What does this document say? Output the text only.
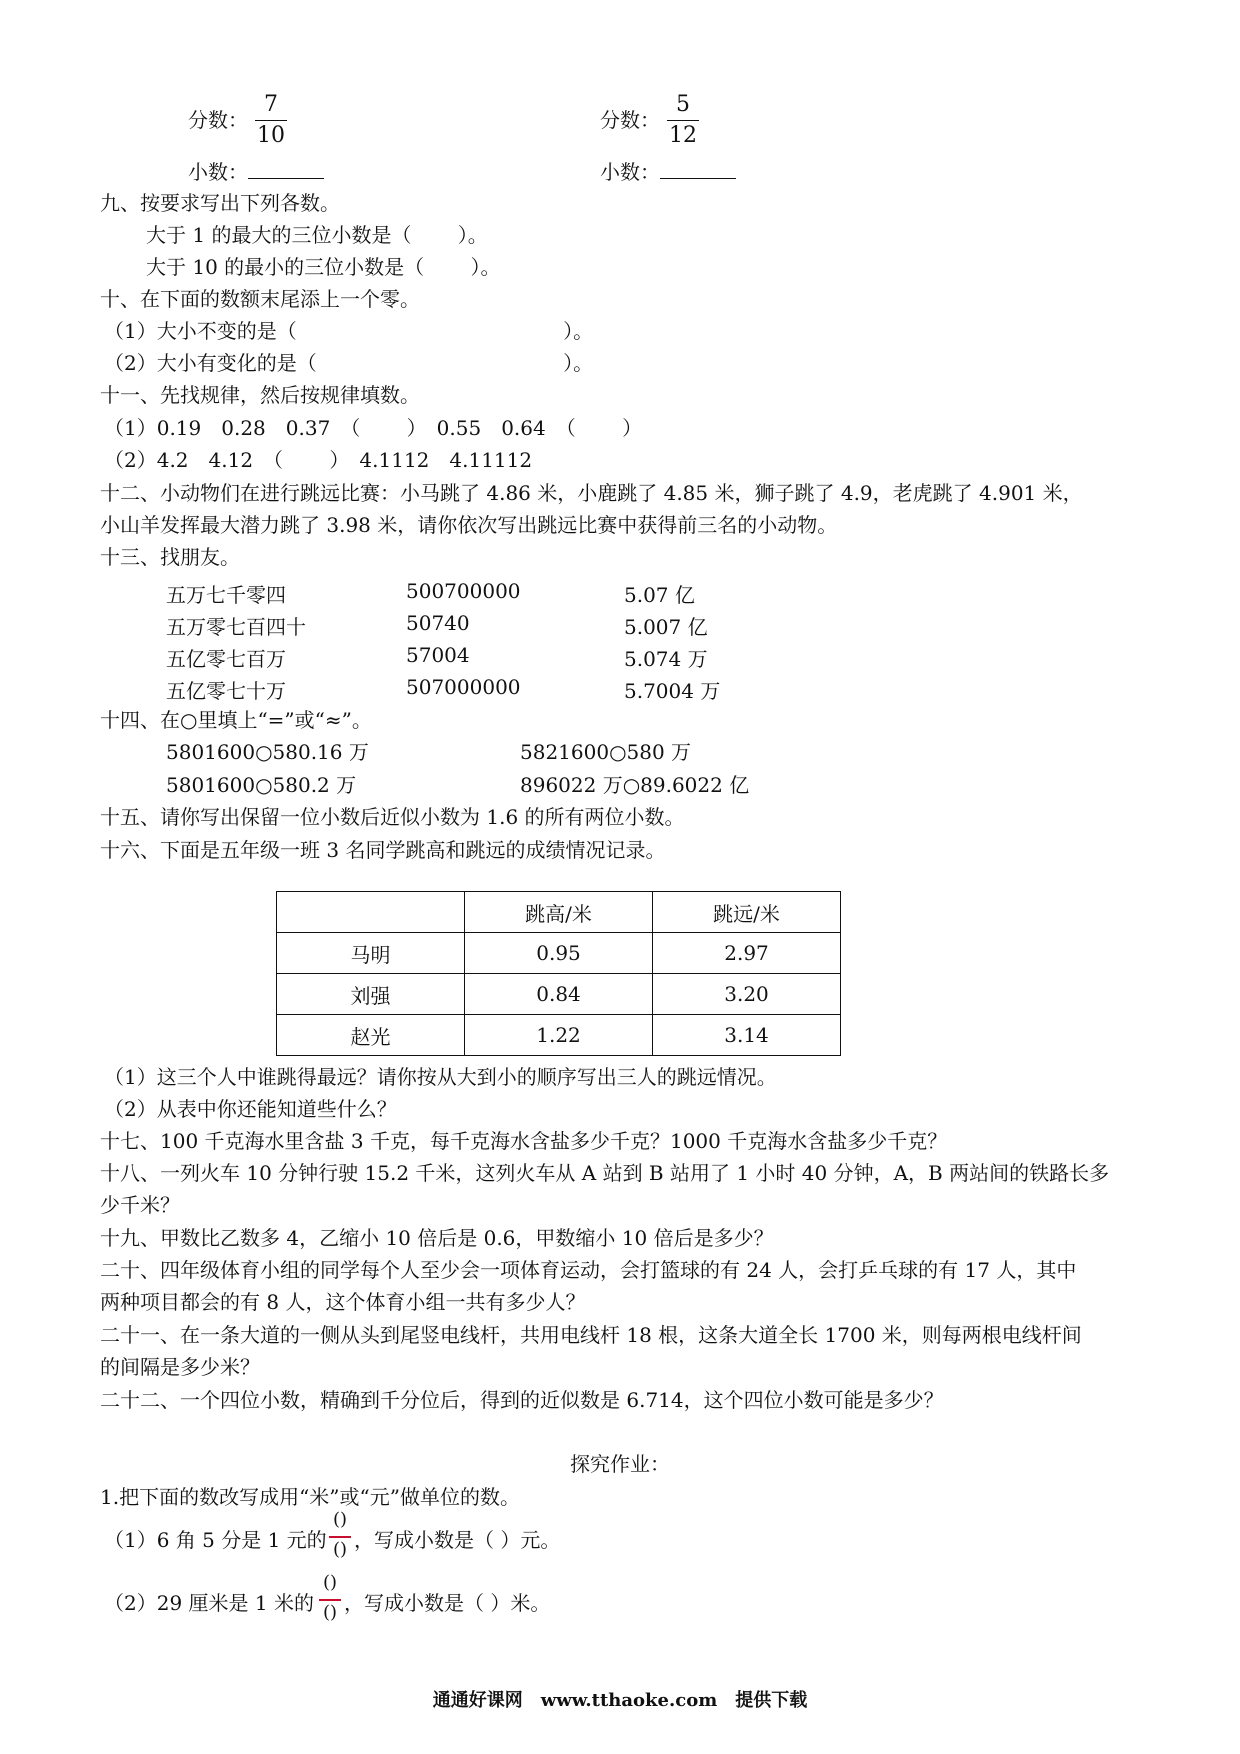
分数：
7
10
小数：
分数：
5
12
小数：
九、按要求写出下列各数。
大于 1 的最大的三位小数是（　　 ）。
大于 10 的最小的三位小数是（　　 ）。
十、在下面的数额末尾添上一个零。
（1）大小不变的是（　　　　　　　　　　　　　 ）。
（2）大小有变化的是（　　　　　　　　　　　　 ）。
十一、先找规律，然后按规律填数。
（1）0.19　0.28　0.37　（　　 ）　0.55　0.64　（　　 ）
（2）4.2　4.12　（　　 ）　4.1112　4.11112
十二、小动物们在进行跳远比赛：小马跳了 4.86 米，小鹿跳了 4.85 米，狮子跳了 4.9，老虎跳了 4.901 米，
小山羊发挥最大潜力跳了 3.98 米，请你依次写出跳远比赛中获得前三名的小动物。
十三、找朋友。
五万七千零四	500700000	5.07 亿
五万零七百四十	50740	5.007 亿
五亿零七百万	57004	5.074 万
五亿零七十万	507000000	5.7004 万
十四、在○里填上“=”或“≈”。
5801600○580.16 万	5821600○580 万
5801600○580.2 万	896022 万○89.6022 亿
十五、请你写出保留一位小数后近似小数为 1.6 的所有两位小数。
十六、下面是五年级一班 3 名同学跳高和跳远的成绩情况记录。
	跳高/米	跳远/米
马明	0.95	2.97
刘强	0.84	3.20
赵光	1.22	3.14
（1）这三个人中谁跳得最远？请你按从大到小的顺序写出三人的跳远情况。
（2）从表中你还能知道些什么？
十七、100 千克海水里含盐 3 千克，每千克海水含盐多少千克？1000 千克海水含盐多少千克？
十八、一列火车 10 分钟行驶 15.2 千米，这列火车从 A 站到 B 站用了 1 小时 40 分钟，A，B 两站间的铁路长多
少千米？
十九、甲数比乙数多 4，乙缩小 10 倍后是 0.6，甲数缩小 10 倍后是多少？
二十、四年级体育小组的同学每个人至少会一项体育运动，会打篮球的有 24 人，会打乒乓球的有 17 人，其中
两种项目都会的有 8 人，这个体育小组一共有多少人？
二十一、在一条大道的一侧从头到尾竖电线杆，共用电线杆 18 根，这条大道全长 1700 米，则每两根电线杆间
的间隔是多少米？
二十二、一个四位小数，精确到千分位后，得到的近似数是 6.714，这个四位小数可能是多少？
探究作业：
1.把下面的数改写成用“米”或“元”做单位的数。
（1）6 角 5 分是 1 元的
()
() ，写成小数是（ ）元。
（2）29 厘米是 1 米的
()
() ，写成小数是（ ）米。
通通好课网　www.tthaoke.com　提供下载
